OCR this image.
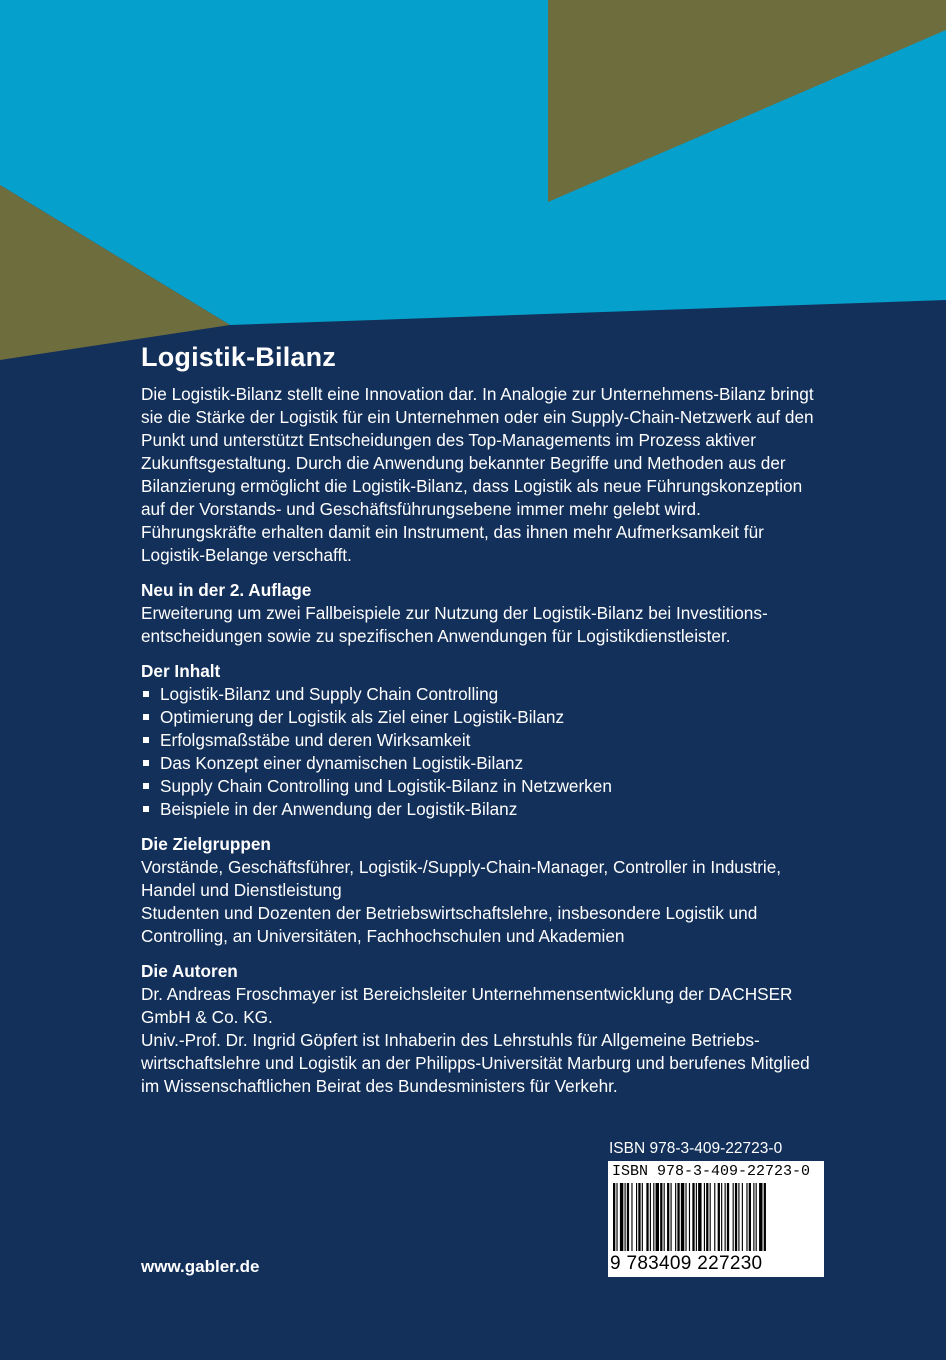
Logistik-Bilanz

Die Logistik-Bilanz stellt eine Innovation dar. In Analogie zur Unternehmens-Bilanz bringt sie die Stärke der Logistik für ein Unternehmen oder ein Supply-Chain-Netzwerk auf den Punkt und unterstützt Entscheidungen des Top-Managements im Prozess aktiver Zukunftsgestaltung. Durch die Anwendung bekannter Begriffe und Methoden aus der Bilanzierung ermöglicht die Logistik-Bilanz, dass Logistik als neue Führungskonzeption auf der Vorstands- und Geschäftsführungsebene immer mehr gelebt wird. Führungskräfte erhalten damit ein Instrument, das ihnen mehr Aufmerksamkeit für Logistik-Belange verschafft.

Neu in der 2. Auflage

Erweiterung um zwei Fallbeispiele zur Nutzung der Logistik-Bilanz bei Investitions-entscheidungen sowie zu spezifischen Anwendungen für Logistikdienstleister.

Der Inhalt
Logistik-Bilanz und Supply Chain Controlling
Optimierung der Logistik als Ziel einer Logistik-Bilanz
Erfolgsmaßstäbe und deren Wirksamkeit
Das Konzept einer dynamischen Logistik-Bilanz
Supply Chain Controlling und Logistik-Bilanz in Netzwerken
Beispiele in der Anwendung der Logistik-Bilanz
Die Zielgruppen

Vorstände, Geschäftsführer, Logistik-/Supply-Chain-Manager, Controller in Industrie, Handel und Dienstleistung

Studenten und Dozenten der Betriebswirtschaftslehre, insbesondere Logistik und Controlling, an Universitäten, Fachhochschulen und Akademien

Die Autoren

Dr. Andreas Froschmayer ist Bereichsleiter Unternehmensentwicklung der DACHSER GmbH & Co. KG.

Univ.-Prof. Dr. Ingrid Göpfert ist Inhaberin des Lehrstuhls für Allgemeine Betriebs-wirtschaftslehre und Logistik an der Philipps-Universität Marburg und berufenes Mitglied im Wissenschaftlichen Beirat des Bundesministers für Verkehr.

ISBN 978-3-409-22723-0
ISBN 978-3-409-22723-0
9 783409 227230
www.gabler.de
